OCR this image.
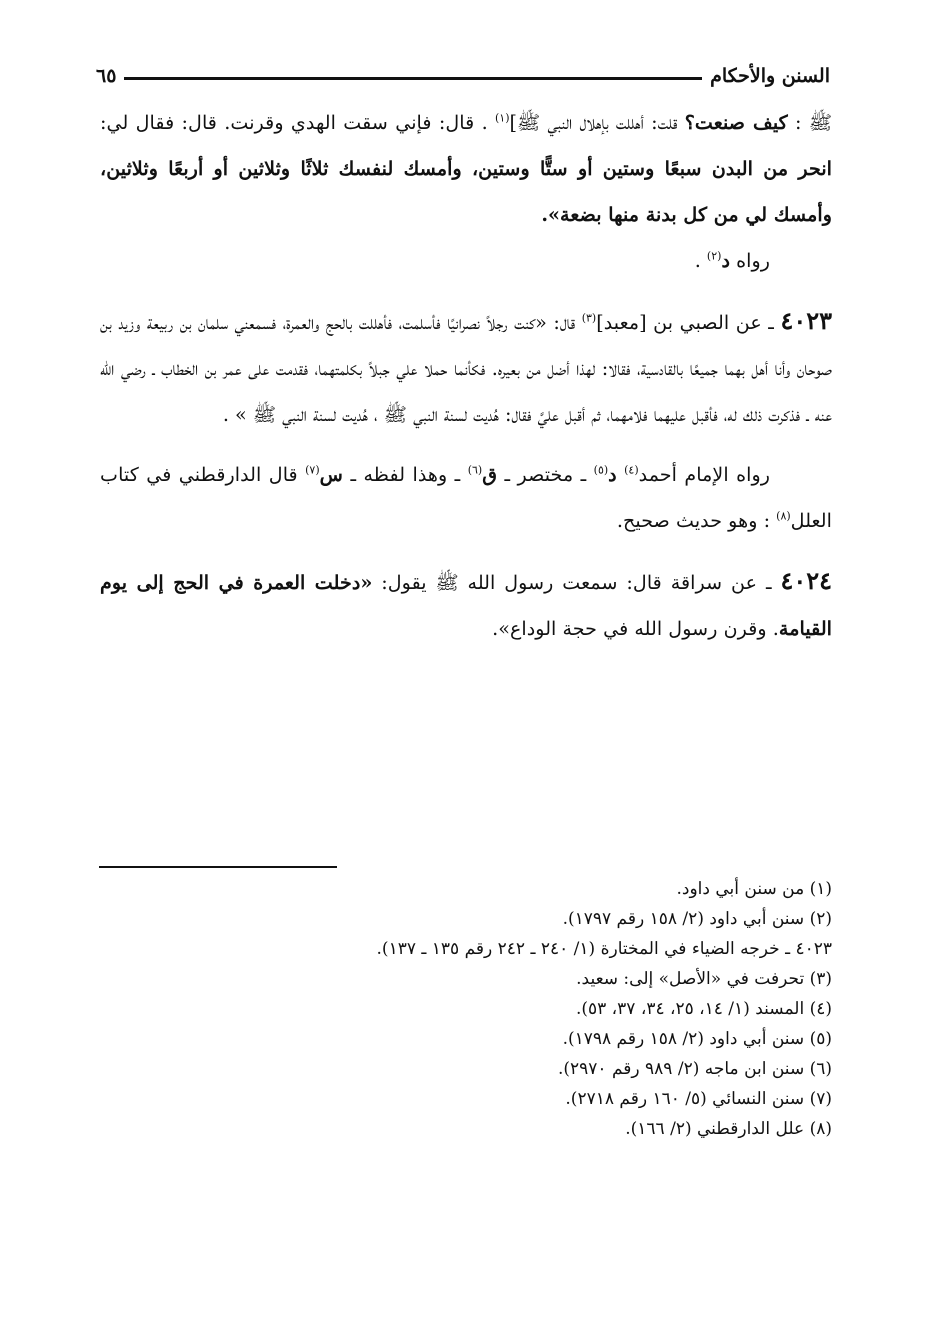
السنن والأحكام
٦٥

ﷺ : كيف صنعت؟ قلت: أهللت بإهلال النبي ﷺ]$^{(١)}$ . قال: فإني سقت الهدي وقرنت. قال: فقال لي: انحر من البدن سبعًا وستين أو ستًّا وستين، وأمسك لنفسك ثلاثًا وثلاثين أو أربعًا وثلاثين، وأمسك لي من كل بدنة منها بضعة».

رواه د$^{(٢)}$ .

٤٠٢٣ ـ عن الصبي بن [معبد]$^{(٣)}$ قال: «كنت رجلاً نصرانيًا فأسلمت، فأهللت بالحج والعمرة، فسمعني سلمان بن ربيعة وزيد بن صوحان وأنا أهل بهما جميعًا بالقادسية، فقالا: لهذا أضل من بعيره. فكأنما حملا علي جبلاً بكلمتهما، فقدمت على عمر بن الخطاب ـ رضي الله عنه ـ فذكرت ذلك له، فأقبل عليهما فلامهما، ثم أقبل عليَّ فقال: هُديت لسنة النبي ﷺ ، هُديت لسنة النبي ﷺ » .

رواه الإمام أحمد$^{(٤)}$ د$^{(٥)}$ ـ مختصر ـ ق$^{(٦)}$ ـ وهذا لفظه ـ س$^{(٧)}$ قال الدارقطني في كتاب العلل$^{(٨)}$ : وهو حديث صحيح.

٤٠٢٤ ـ عن سراقة قال: سمعت رسول الله ﷺ يقول: «دخلت العمرة في الحج إلى يوم القيامة. وقرن رسول الله في حجة الوداع».

(١) من سنن أبي داود.

(٢) سنن أبي داود (٢/ ١٥٨ رقم ١٧٩٧).

٤٠٢٣ ـ خرجه الضياء في المختارة (١/ ٢٤٠ ـ ٢٤٢ رقم ١٣٥ ـ ١٣٧).

(٣) تحرفت في «الأصل» إلى: سعيد.

(٤) المسند (١/ ١٤، ٢٥، ٣٤، ٣٧، ٥٣).

(٥) سنن أبي داود (٢/ ١٥٨ رقم ١٧٩٨).

(٦) سنن ابن ماجه (٢/ ٩٨٩ رقم ٢٩٧٠).

(٧) سنن النسائي (٥/ ١٦٠ رقم ٢٧١٨).

(٨) علل الدارقطني (٢/ ١٦٦).
